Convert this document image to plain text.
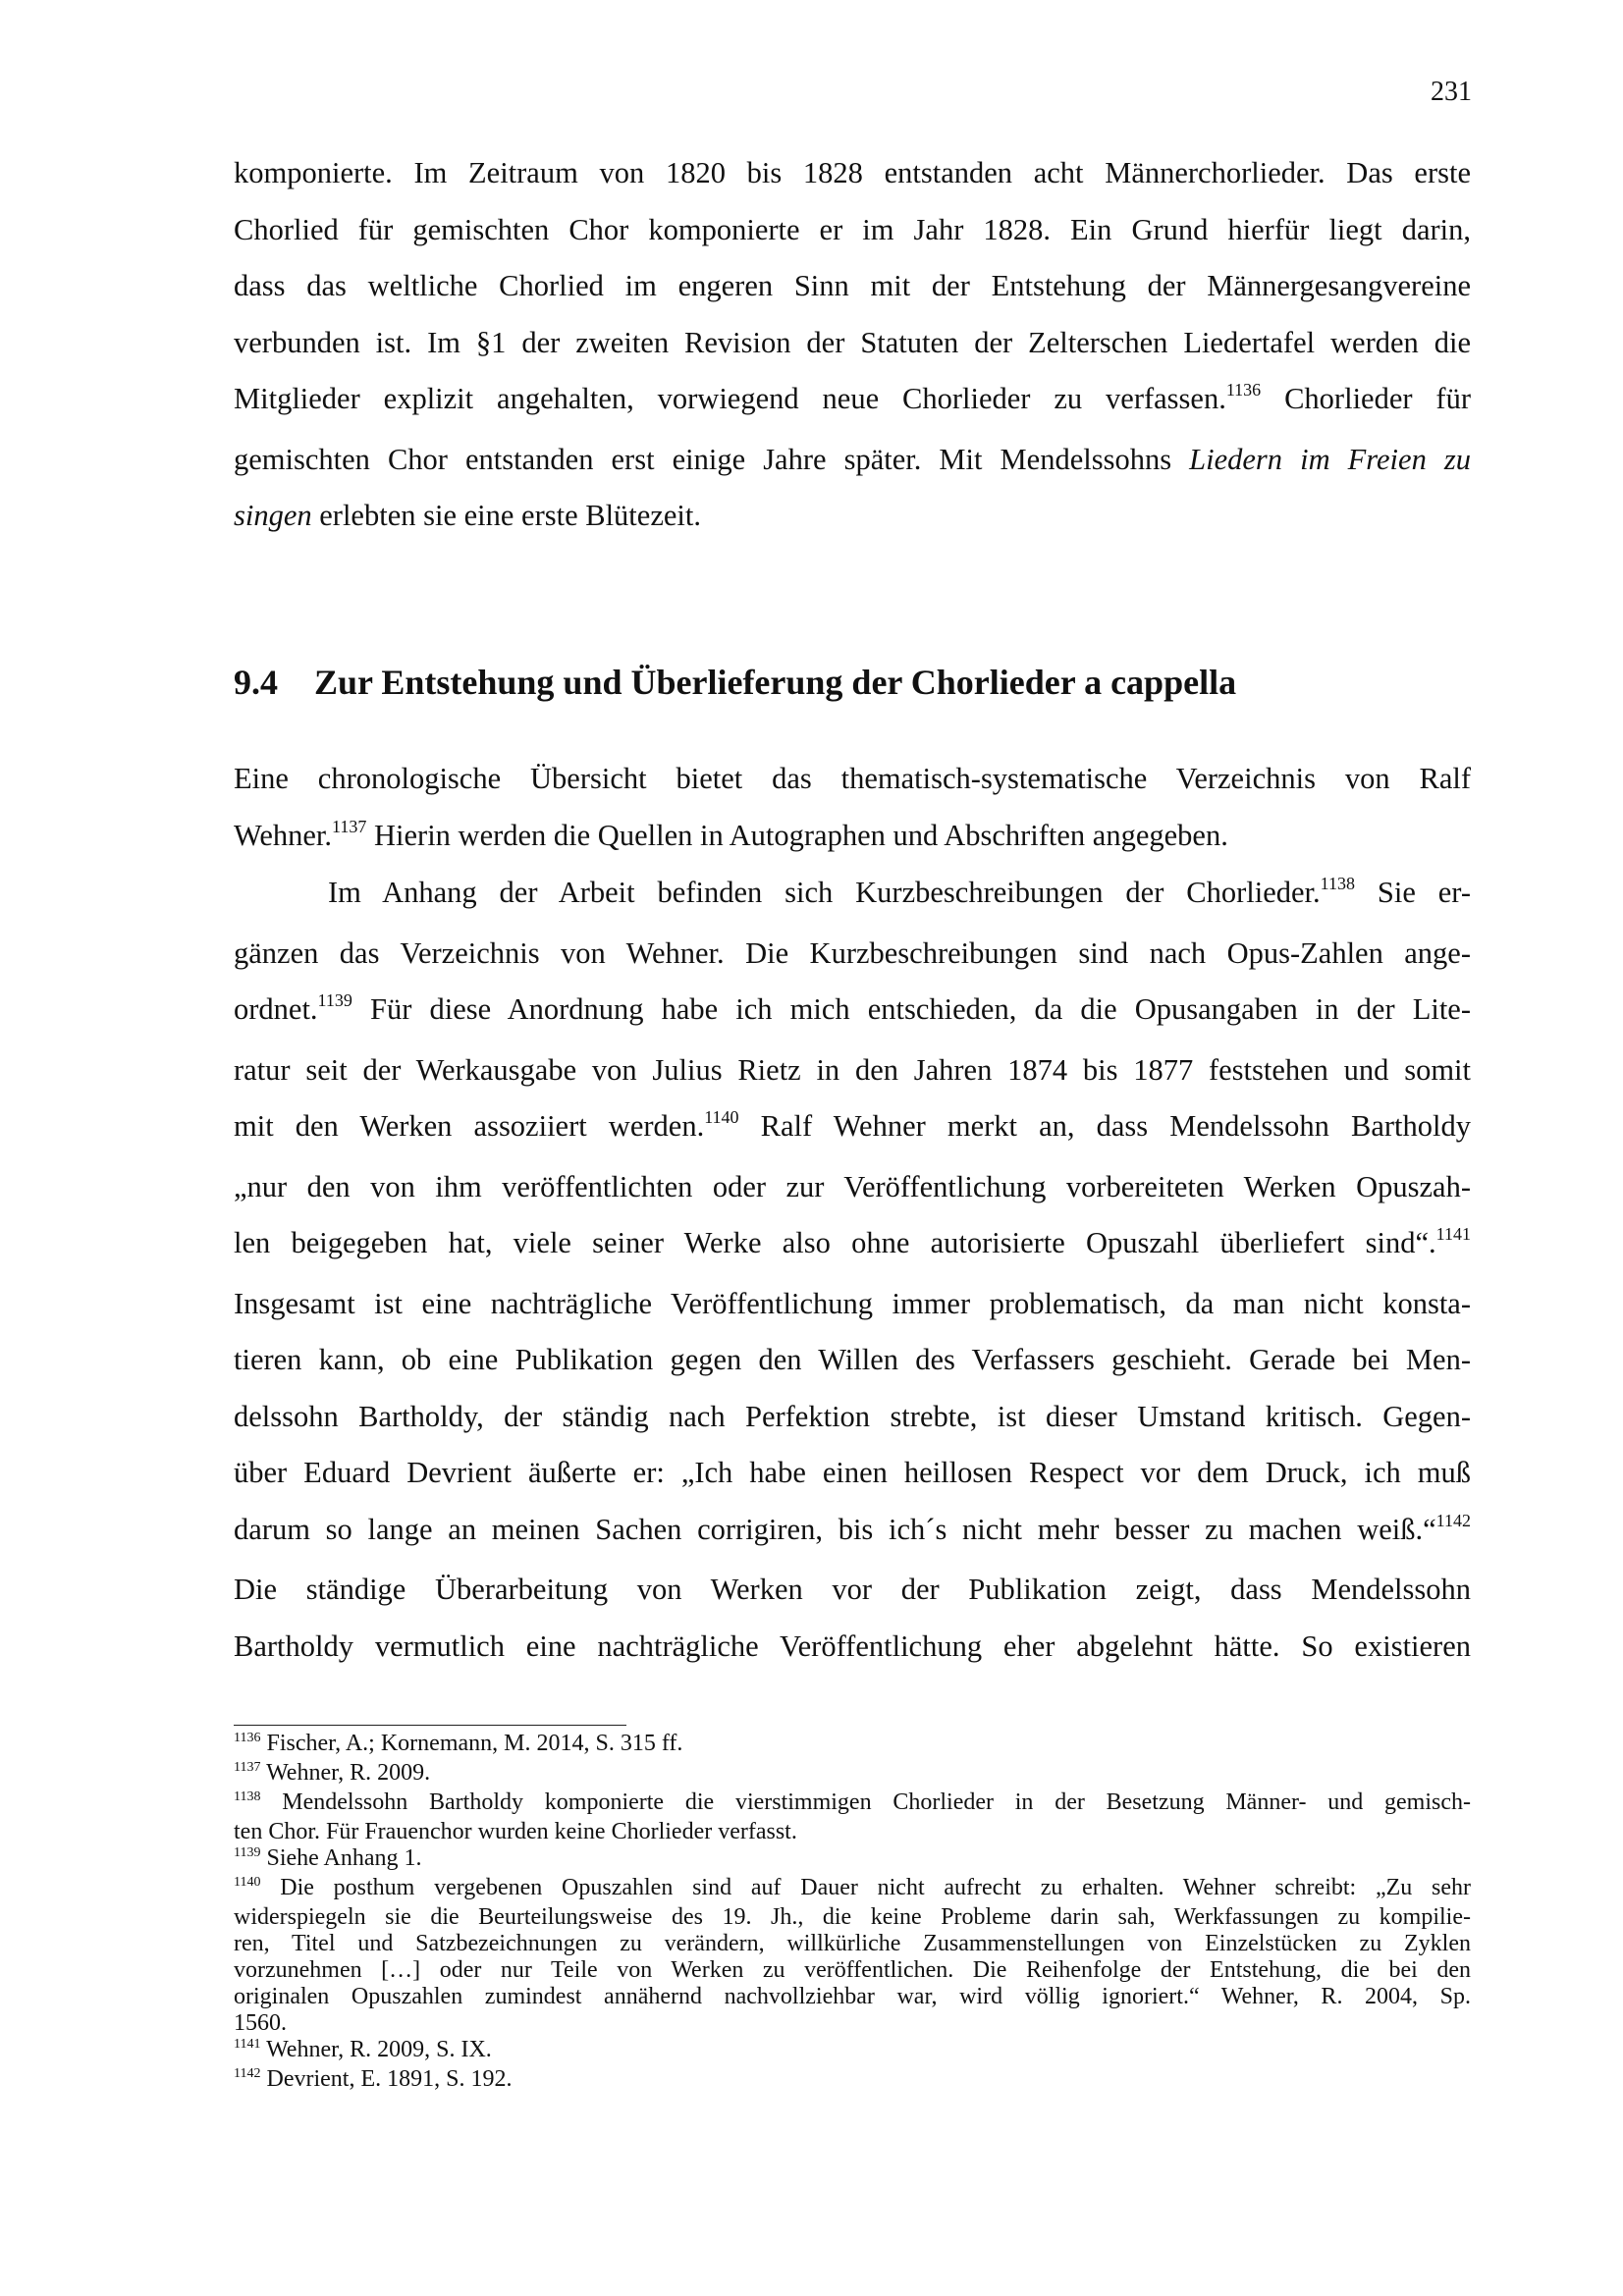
231
komponierte. Im Zeitraum von 1820 bis 1828 entstanden acht Männerchorlieder. Das erste
Chorlied für gemischten Chor komponierte er im Jahr 1828. Ein Grund hierfür liegt darin,
dass das weltliche Chorlied im engeren Sinn mit der Entstehung der Männergesangvereine
verbunden ist. Im §1 der zweiten Revision der Statuten der Zelterschen Liedertafel werden die
Mitglieder explizit angehalten, vorwiegend neue Chorlieder zu verfassen.$^{1136}$ Chorlieder für
gemischten Chor entstanden erst einige Jahre später. Mit Mendelssohns Liedern im Freien zu
singen erlebten sie eine erste Blütezeit.
9.4 Zur Entstehung und Überlieferung der Chorlieder a cappella
Eine chronologische Übersicht bietet das thematisch-systematische Verzeichnis von Ralf
Wehner.$^{1137}$ Hierin werden die Quellen in Autographen und Abschriften angegeben.
Im Anhang der Arbeit befinden sich Kurzbeschreibungen der Chorlieder.$^{1138}$ Sie er-
gänzen das Verzeichnis von Wehner. Die Kurzbeschreibungen sind nach Opus-Zahlen ange-
ordnet.$^{1139}$ Für diese Anordnung habe ich mich entschieden, da die Opusangaben in der Lite-
ratur seit der Werkausgabe von Julius Rietz in den Jahren 1874 bis 1877 feststehen und somit
mit den Werken assoziiert werden.$^{1140}$ Ralf Wehner merkt an, dass Mendelssohn Bartholdy
„nur den von ihm veröffentlichten oder zur Veröffentlichung vorbereiteten Werken Opuszah-
len beigegeben hat, viele seiner Werke also ohne autorisierte Opuszahl überliefert sind“.$^{1141}$
Insgesamt ist eine nachträgliche Veröffentlichung immer problematisch, da man nicht konsta-
tieren kann, ob eine Publikation gegen den Willen des Verfassers geschieht. Gerade bei Men-
delssohn Bartholdy, der ständig nach Perfektion strebte, ist dieser Umstand kritisch. Gegen-
über Eduard Devrient äußerte er: „Ich habe einen heillosen Respect vor dem Druck, ich muß
darum so lange an meinen Sachen corrigiren, bis ich´s nicht mehr besser zu machen weiß.“$^{1142}$
Die ständige Überarbeitung von Werken vor der Publikation zeigt, dass Mendelssohn
Bartholdy vermutlich eine nachträgliche Veröffentlichung eher abgelehnt hätte. So existieren
$^{1136}$ Fischer, A.; Kornemann, M. 2014, S. 315 ff.
$^{1137}$ Wehner, R. 2009.
$^{1138}$ Mendelssohn Bartholdy komponierte die vierstimmigen Chorlieder in der Besetzung Männer- und gemisch-
ten Chor. Für Frauenchor wurden keine Chorlieder verfasst.
$^{1139}$ Siehe Anhang 1.
$^{1140}$ Die posthum vergebenen Opuszahlen sind auf Dauer nicht aufrecht zu erhalten. Wehner schreibt: „Zu sehr
widerspiegeln sie die Beurteilungsweise des 19. Jh., die keine Probleme darin sah, Werkfassungen zu kompilie-
ren, Titel und Satzbezeichnungen zu verändern, willkürliche Zusammenstellungen von Einzelstücken zu Zyklen
vorzunehmen […] oder nur Teile von Werken zu veröffentlichen. Die Reihenfolge der Entstehung, die bei den
originalen Opuszahlen zumindest annähernd nachvollziehbar war, wird völlig ignoriert.“ Wehner, R. 2004, Sp.
1560.
$^{1141}$ Wehner, R. 2009, S. IX.
$^{1142}$ Devrient, E. 1891, S. 192.
